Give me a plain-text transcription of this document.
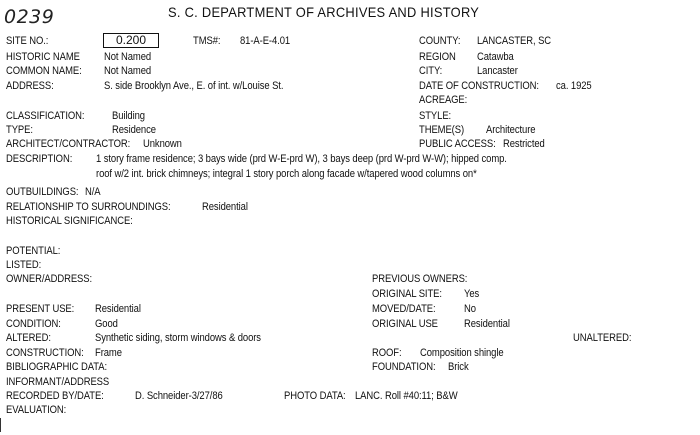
0239	S. C. DEPARTMENT OF ARCHIVES AND HISTORY
SITE NO.:	0.200	TMS#: 81-A-E-4.01	COUNTY: LANCASTER, SC
HISTORIC NAME Not Named	REGION Catawba
COMMON NAME: Not Named	CITY:	Lancaster
ADDRESS:	S. side Brooklyn Ave., E. of int. w/Louise St.	DATE OF CONSTRUCTION: ca. 1925
ACREAGE:
CLASSIFICATION:	Building	STYLE:
TYPE:	Residence	THEME(S) Architecture
ARCHITECT/CONTRACTOR: Unknown	PUBLIC ACCESS: Restricted
DESCRIPTION: 1 story frame residence; 3 bays wide (prd W-E-prd W), 3 bays deep (prd W-prd W-W); hipped comp.
roof w/2 int. brick chimneys; integral 1 story porch along facade w/tapered wood columns on*
OUTBUILDINGS: N/A
RELATIONSHIP TO SURROUNDINGS:	Residential
HISTORICAL SIGNIFICANCE:
POTENTIAL:
LISTED:
OWNER/ADDRESS:	PREVIOUS OWNERS:
ORIGINAL SITE: Yes
PRESENT USE: Residential	MOVED/DATE:	No
CONDITION:	Good	ORIGINAL USE Residential
ALTERED:	Synthetic siding, storm windows & doors	UNALTERED:
CONSTRUCTION: Frame	ROOF: Composition shingle
BIBLIOGRAPHIC DATA:	FOUNDATION: Brick
INFORMANT/ADDRESS
RECORDED BY/DATE:	D. Schneider-3/27/86	PHOTO DATA: LANC. Roll #40:11; B&W
EVALUATION:
